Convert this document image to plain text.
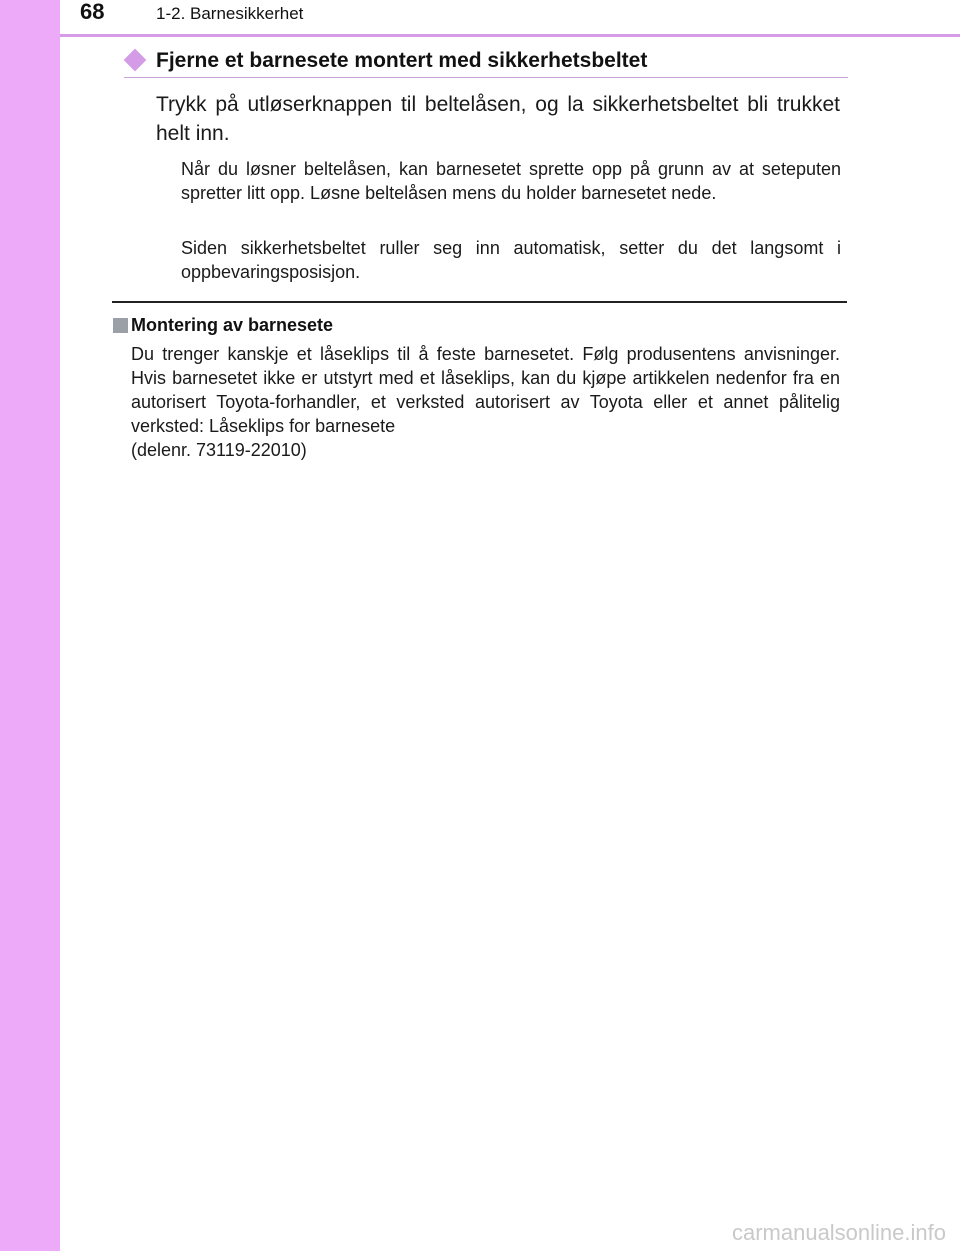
68	1-2. Barnesikkerhet
Fjerne et barnesete montert med sikkerhetsbeltet
Trykk på utløserknappen til beltelåsen, og la sikkerhetsbeltet bli trukket helt inn.
Når du løsner beltelåsen, kan barnesetet sprette opp på grunn av at seteputen spretter litt opp. Løsne beltelåsen mens du holder barnesetet nede.
Siden sikkerhetsbeltet ruller seg inn automatisk, setter du det langsomt i oppbevaringsposisjon.
Montering av barnesete
Du trenger kanskje et låseklips til å feste barnesetet. Følg produsentens anvisninger. Hvis barnesetet ikke er utstyrt med et låseklips, kan du kjøpe artikkelen nedenfor fra en autorisert Toyota-forhandler, et verksted autorisert av Toyota eller et annet pålitelig verksted: Låseklips for barnesete
(delenr. 73119-22010)
carmanualsonline.info
